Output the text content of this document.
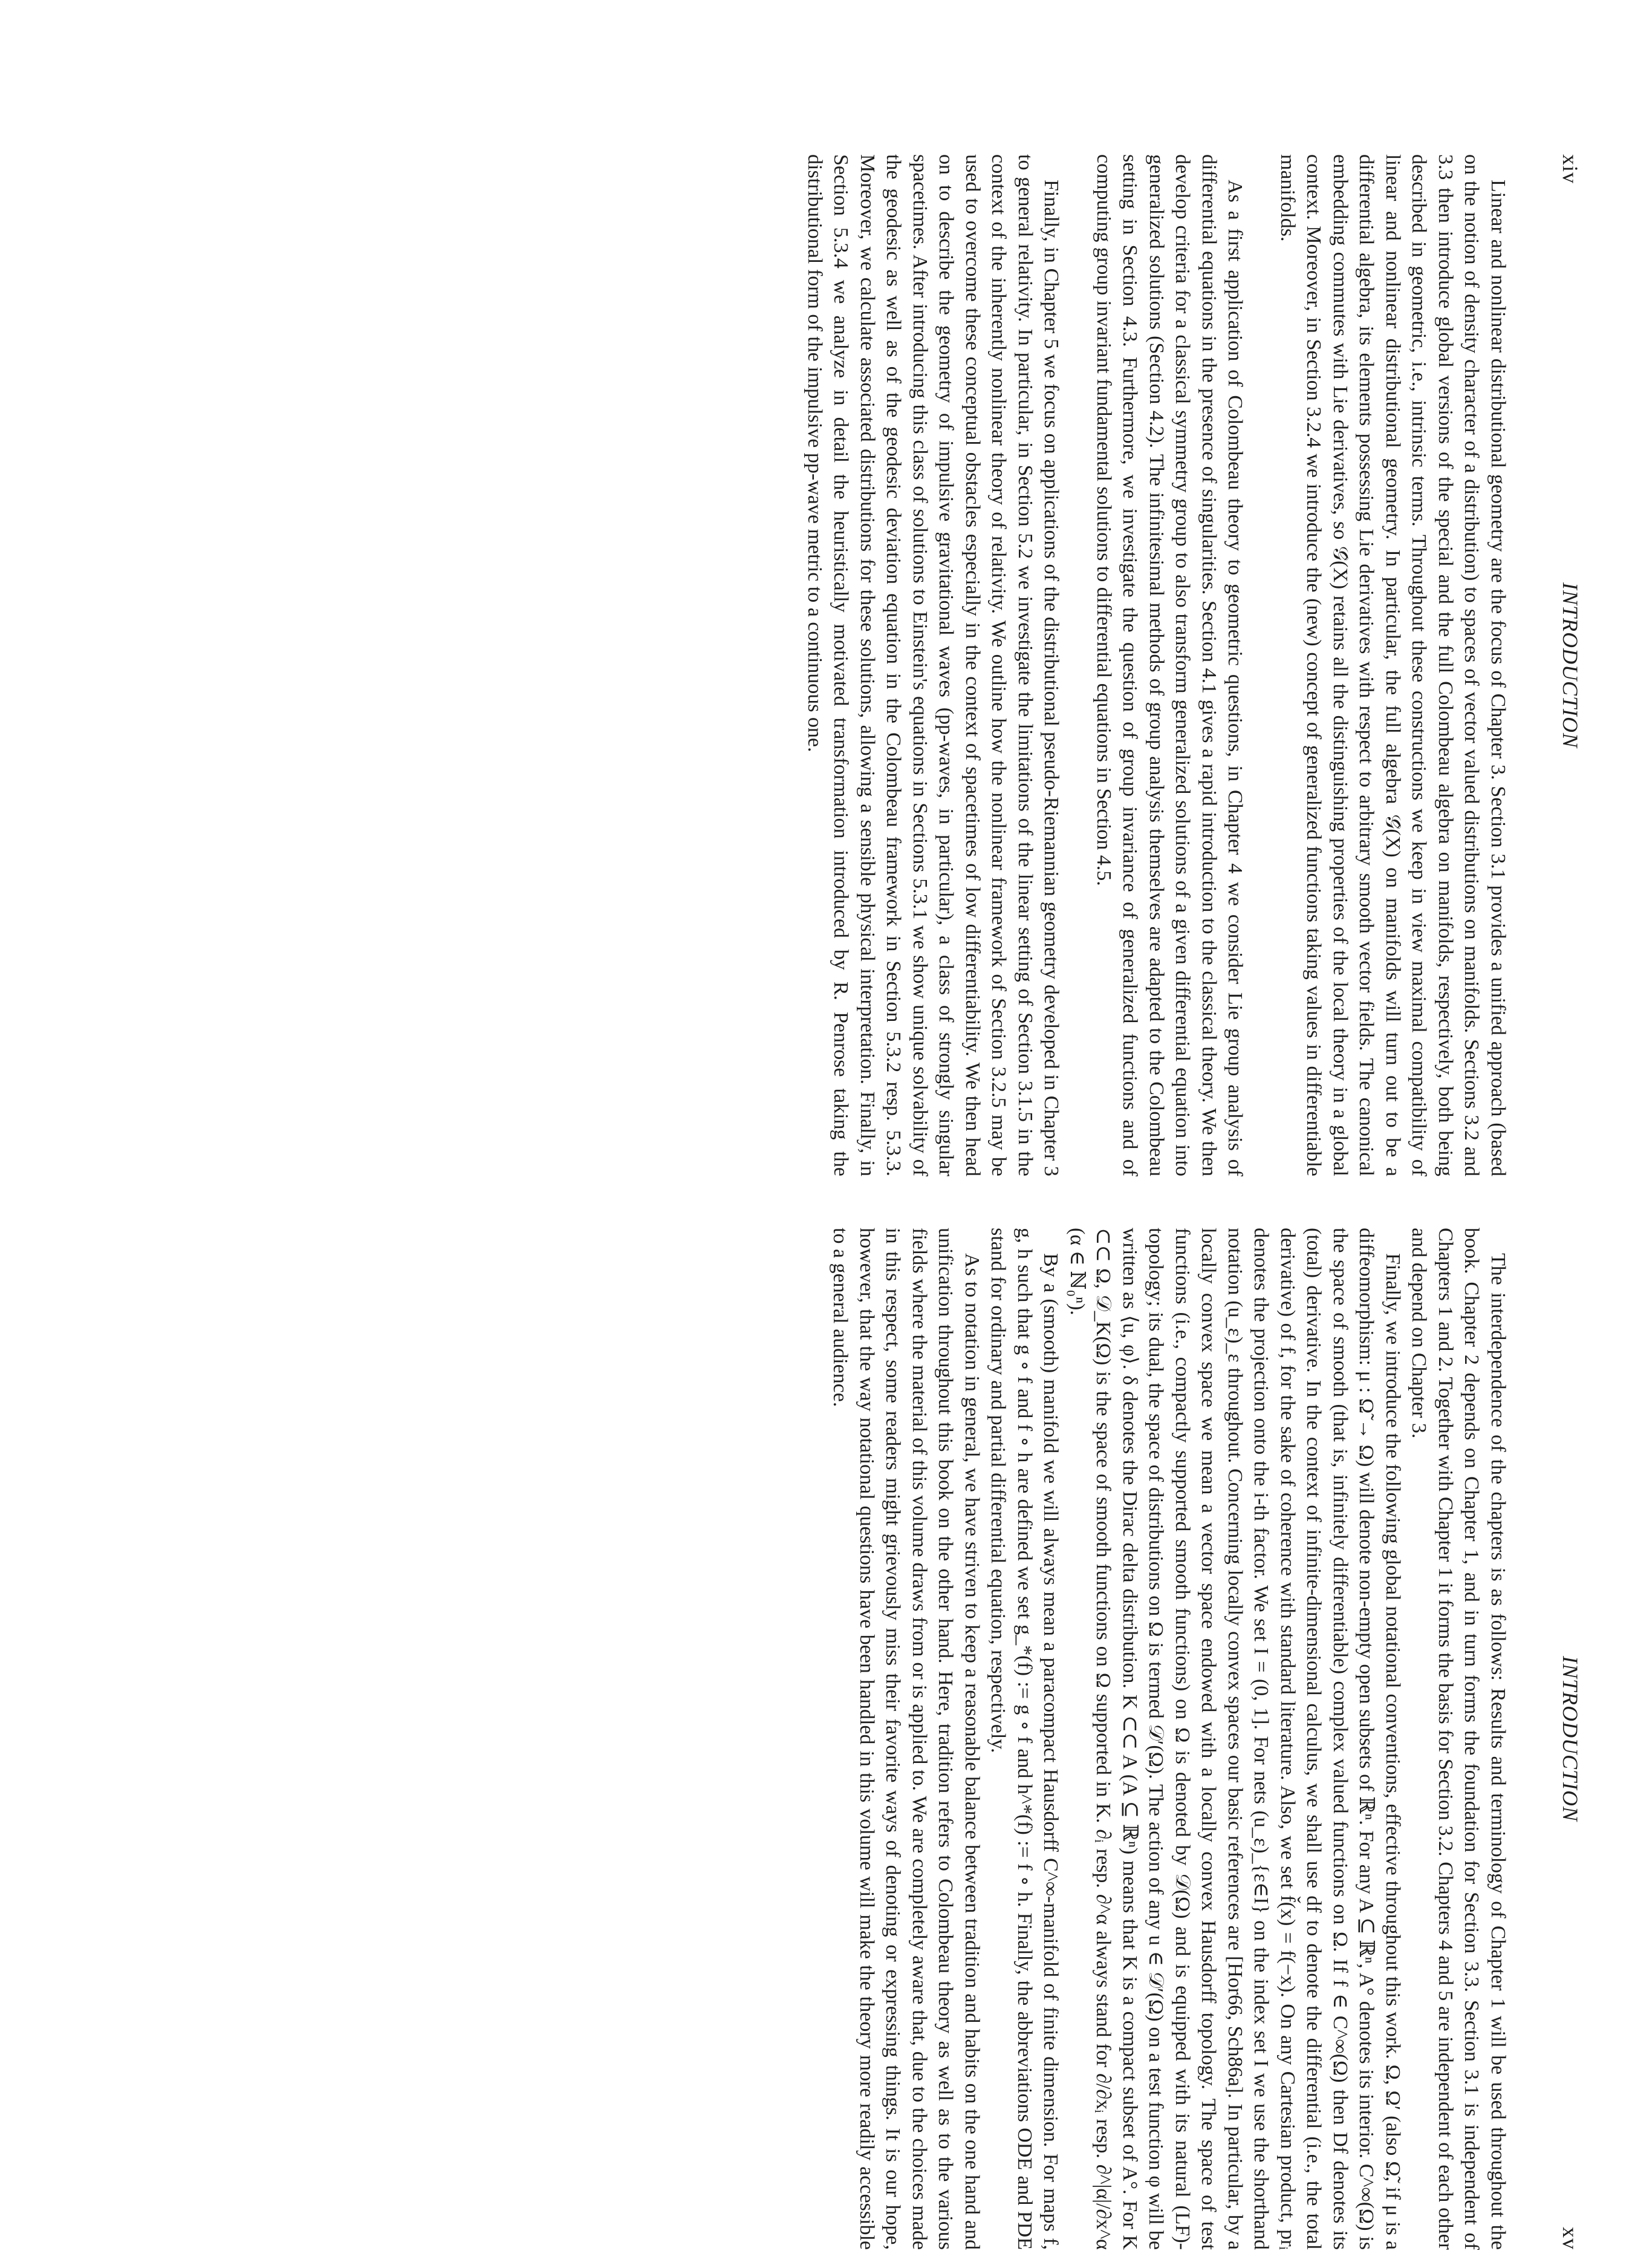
xiv
INTRODUCTION

Linear and nonlinear distributional geometry are the focus of Chapter 3. Section 3.1 provides a unified approach (based on the notion of density character of a distribution) to spaces of vector valued distributions on manifolds. Sections 3.2 and 3.3 then introduce global versions of the special and the full Colombeau algebra on manifolds, respectively, both being described in geometric, i.e., intrinsic terms. Throughout these constructions we keep in view maximal compatibility of linear and nonlinear distributional geometry. In particular, the full algebra 𝒢̂(X) on manifolds will turn out to be a differential algebra, its elements possessing Lie derivatives with respect to arbitrary smooth vector fields. The canonical embedding commutes with Lie derivatives, so 𝒢̂(X) retains all the distinguishing properties of the local theory in a global context. Moreover, in Section 3.2.4 we introduce the (new) concept of generalized functions taking values in differentiable manifolds.

As a first application of Colombeau theory to geometric questions, in Chapter 4 we consider Lie group analysis of differential equations in the presence of singularities. Section 4.1 gives a rapid introduction to the classical theory. We then develop criteria for a classical symmetry group to also transform generalized solutions of a given differential equation into generalized solutions (Section 4.2). The infinitesimal methods of group analysis themselves are adapted to the Colombeau setting in Section 4.3. Furthermore, we investigate the question of group invariance of generalized functions and of computing group invariant fundamental solutions to differential equations in Section 4.5.

Finally, in Chapter 5 we focus on applications of the distributional pseudo-Riemannian geometry developed in Chapter 3 to general relativity. In particular, in Section 5.2 we investigate the limitations of the linear setting of Section 3.1.5 in the context of the inherently nonlinear theory of relativity. We outline how the nonlinear framework of Section 3.2.5 may be used to overcome these conceptual obstacles especially in the context of spacetimes of low differentiability. We then head on to describe the geometry of impulsive gravitational waves (pp-waves, in particular), a class of strongly singular spacetimes. After introducing this class of solutions to Einstein's equations in Sections 5.3.1 we show unique solvability of the geodesic as well as of the geodesic deviation equation in the Colombeau framework in Section 5.3.2 resp. 5.3.3. Moreover, we calculate associated distributions for these solutions, allowing a sensible physical interpretation. Finally, in Section 5.3.4 we analyze in detail the heuristically motivated transformation introduced by R. Penrose taking the distributional form of the impulsive pp-wave metric to a continuous one.

INTRODUCTION
xv

The interdependence of the chapters is as follows: Results and terminology of Chapter 1 will be used throughout the book. Chapter 2 depends on Chapter 1, and in turn forms the foundation for Section 3.3. Section 3.1 is independent of Chapters 1 and 2. Together with Chapter 1 it forms the basis for Section 3.2. Chapters 4 and 5 are independent of each other and depend on Chapter 3.

Finally, we introduce the following global notational conventions, effective throughout this work. Ω, Ω′ (also Ω̃, if μ is a diffeomorphism: μ : Ω̃ → Ω) will denote non-empty open subsets of ℝⁿ. For any A ⊆ ℝⁿ, A° denotes its interior. C^∞(Ω) is the space of smooth (that is, infinitely differentiable) complex valued functions on Ω. If f ∈ C^∞(Ω) then Df denotes its (total) derivative. In the context of infinite-dimensional calculus, we shall use df to denote the differential (i.e., the total derivative) of f, for the sake of coherence with standard literature. Also, we set f̌(x) = f(−x). On any Cartesian product, prᵢ denotes the projection onto the i-th factor. We set I = (0, 1]. For nets (u_ε)_{ε∈I} on the index set I we use the shorthand notation (u_ε)_ε throughout. Concerning locally convex spaces our basic references are [Hor66, Sch86a]. In particular, by a locally convex space we mean a vector space endowed with a locally convex Hausdorff topology. The space of test functions (i.e., compactly supported smooth functions) on Ω is denoted by 𝒟(Ω) and is equipped with its natural (LF)-topology; its dual, the space of distributions on Ω is termed 𝒟′(Ω). The action of any u ∈ 𝒟′(Ω) on a test function φ will be written as ⟨u, φ⟩. δ denotes the Dirac delta distribution. K ⊂⊂ A (A ⊆ ℝⁿ) means that K is a compact subset of A°. For K ⊂⊂ Ω, 𝒟_K(Ω) is the space of smooth functions on Ω supported in K. ∂ᵢ resp. ∂^α always stand for ∂/∂xᵢ resp. ∂^|α|/∂x^α (α ∈ ℕ₀ⁿ).

By a (smooth) manifold we will always mean a paracompact Hausdorff C^∞-manifold of finite dimension. For maps f, g, h such that g ∘ f and f ∘ h are defined we set g_*(f) := g ∘ f and h^*(f) := f ∘ h. Finally, the abbreviations ODE and PDE stand for ordinary and partial differential equation, respectively.

As to notation in general, we have striven to keep a reasonable balance between tradition and habits on the one hand and unification throughout this book on the other hand. Here, tradition refers to Colombeau theory as well as to the various fields where the material of this volume draws from or is applied to. We are completely aware that, due to the choices made in this respect, some readers might grievously miss their favorite ways of denoting or expressing things. It is our hope, however, that the way notational questions have been handled in this volume will make the theory more readily accessible to a general audience.
